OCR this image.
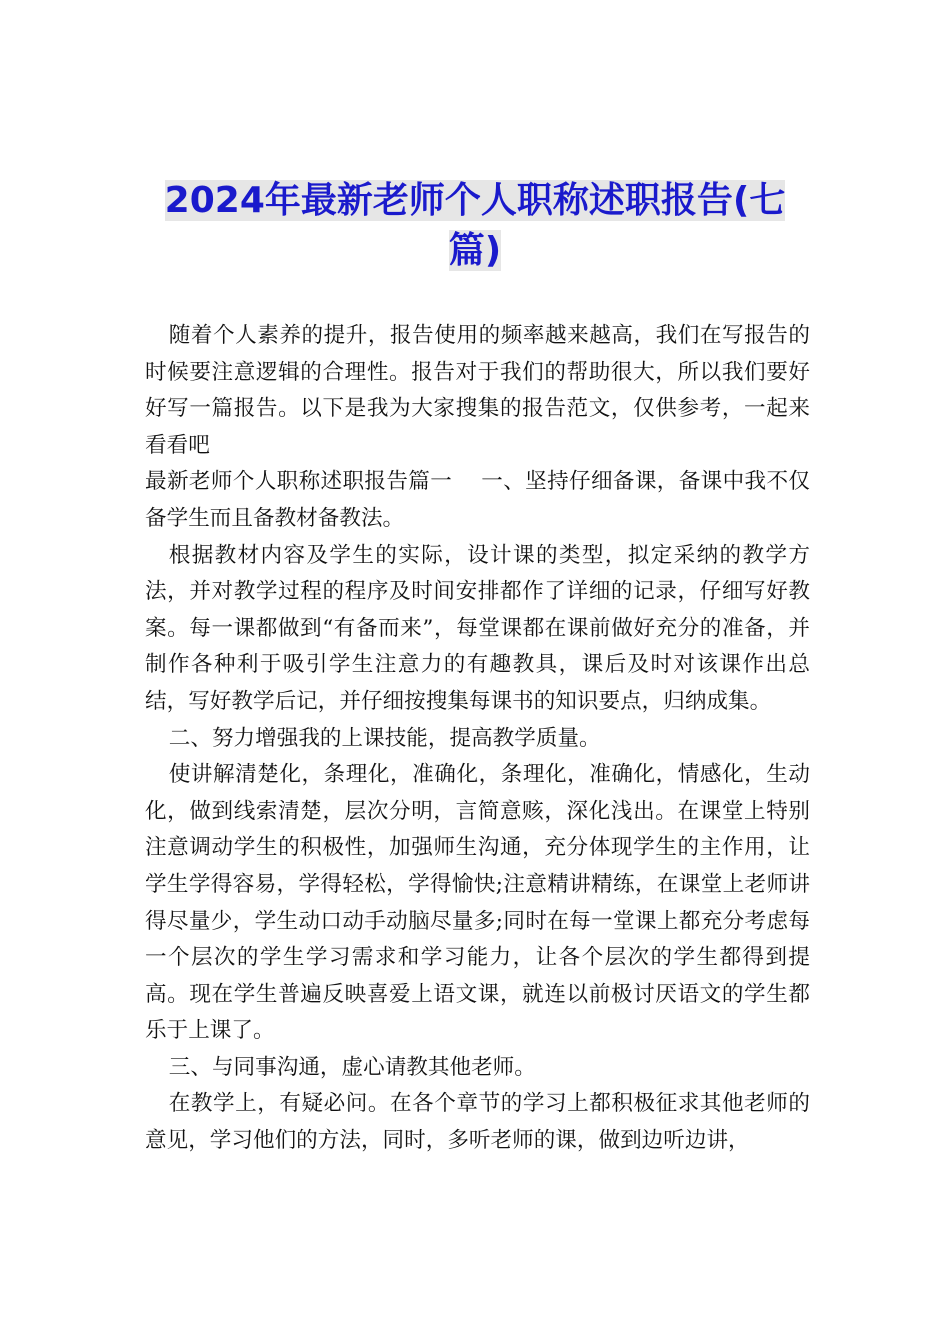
2024年最新老师个人职称述职报告(七篇)

随着个人素养的提升，报告使用的频率越来越高，我们在写报告的时候要注意逻辑的合理性。报告对于我们的帮助很大，所以我们要好好写一篇报告。以下是我为大家搜集的报告范文，仅供参考，一起来看看吧

最新老师个人职称述职报告篇一　 一、坚持仔细备课，备课中我不仅备学生而且备教材备教法。

根据教材内容及学生的实际，设计课的类型，拟定采纳的教学方法，并对教学过程的程序及时间安排都作了详细的记录，仔细写好教案。每一课都做到“有备而来”，每堂课都在课前做好充分的准备，并制作各种利于吸引学生注意力的有趣教具，课后及时对该课作出总结，写好教学后记，并仔细按搜集每课书的知识要点，归纳成集。

二、努力增强我的上课技能，提高教学质量。

使讲解清楚化，条理化，准确化，条理化，准确化，情感化，生动化，做到线索清楚，层次分明，言简意赅，深化浅出。在课堂上特别注意调动学生的积极性，加强师生沟通，充分体现学生的主作用，让学生学得容易，学得轻松，学得愉快;注意精讲精练，在课堂上老师讲得尽量少，学生动口动手动脑尽量多;同时在每一堂课上都充分考虑每一个层次的学生学习需求和学习能力，让各个层次的学生都得到提高。现在学生普遍反映喜爱上语文课，就连以前极讨厌语文的学生都乐于上课了。

三、与同事沟通，虚心请教其他老师。

在教学上，有疑必问。在各个章节的学习上都积极征求其他老师的意见，学习他们的方法，同时，多听老师的课，做到边听边讲，
